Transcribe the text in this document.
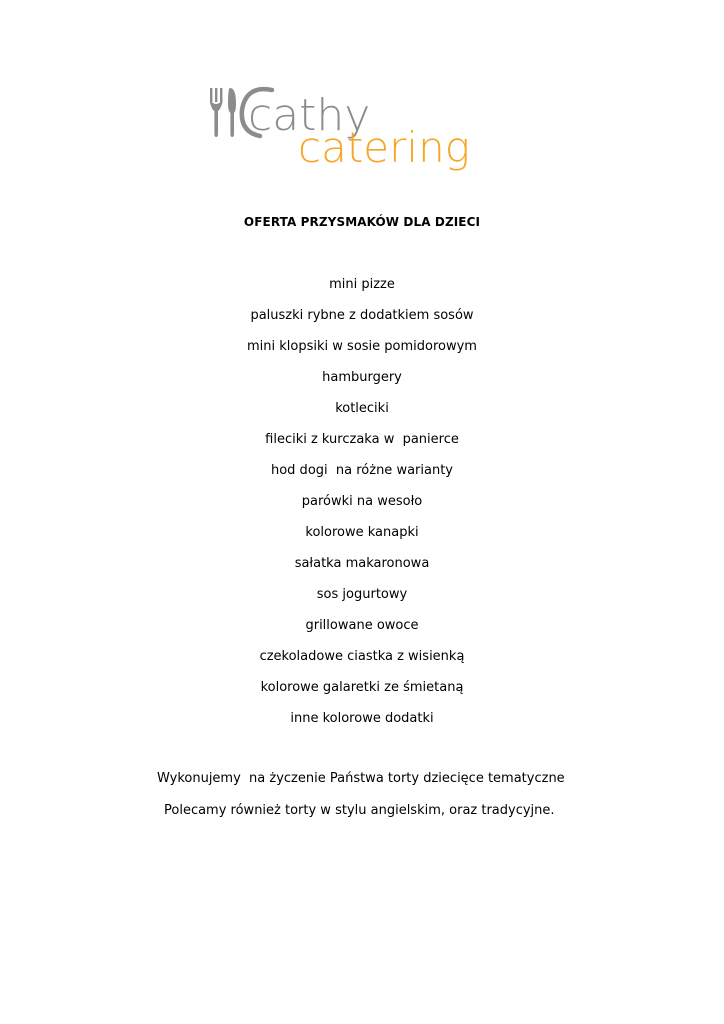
cathy
catering
OFERTA PRZYSMAKÓW DLA DZIECI
mini pizze
paluszki rybne z dodatkiem sosów
mini klopsiki w sosie pomidorowym
hamburgery
kotleciki
fileciki z kurczaka w  panierce
hod dogi  na różne warianty
parówki na wesoło
kolorowe kanapki
sałatka makaronowa
sos jogurtowy
grillowane owoce
czekoladowe ciastka z wisienką
kolorowe galaretki ze śmietaną
inne kolorowe dodatki
Wykonujemy  na życzenie Państwa torty dziecięce tematyczne
Polecamy również torty w stylu angielskim, oraz tradycyjne.
